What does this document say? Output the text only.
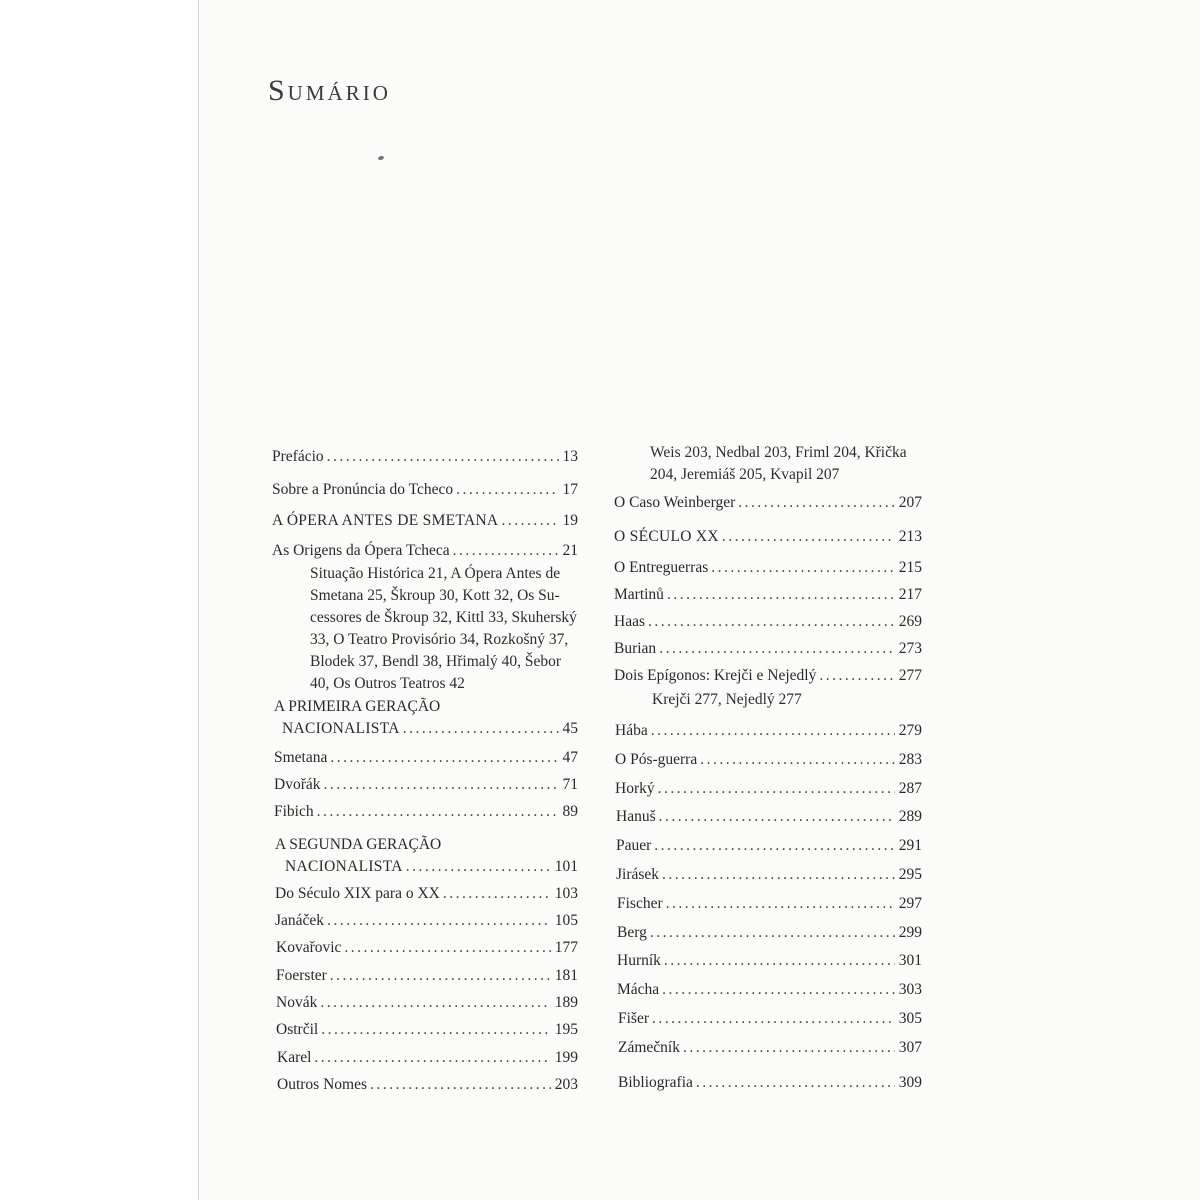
Sumário
Prefácio .....	13
Sobre a Pronúncia do Tcheco .....	17
A ÓPERA ANTES DE SMETANA .....	19
As Origens da Ópera Tcheca .....	21
Situação Histórica 21, A Ópera Antes de
Smetana 25, Škroup 30, Kott 32, Os Su-
cessores de Škroup 32, Kittl 33, Skuherský
33, O Teatro Provisório 34, Rozkošný 37,
Blodek 37, Bendl 38, Hřimalý 40, Šebor
40, Os Outros Teatros 42
A PRIMEIRA GERAÇÃO
NACIONALISTA .....	45
Smetana .....	47
Dvořák .....	71
Fibich .....	89
A SEGUNDA GERAÇÃO
NACIONALISTA .....	101
Do Século XIX para o XX .....	103
Janáček .....	105
Kovařovic .....	177
Foerster .....	181
Novák .....	189
Ostrčil .....	195
Karel .....	199
Outros Nomes .....	203
Weis 203, Nedbal 203, Friml 204, Křička
204, Jeremiáš 205, Kvapil 207
O Caso Weinberger .....	207
O SÉCULO XX .....	213
O Entreguerras .....	215
Martinů .....	217
Haas .....	269
Burian .....	273
Dois Epígonos: Krejči e Nejedlý .....	277
Krejči 277, Nejedlý 277
Hába .....	279
O Pós-guerra .....	283
Horký .....	287
Hanuš .....	289
Pauer .....	291
Jirásek .....	295
Fischer .....	297
Berg .....	299
Hurník .....	301
Mácha .....	303
Fišer .....	305
Zámečník .....	307
Bibliografia .....	309
